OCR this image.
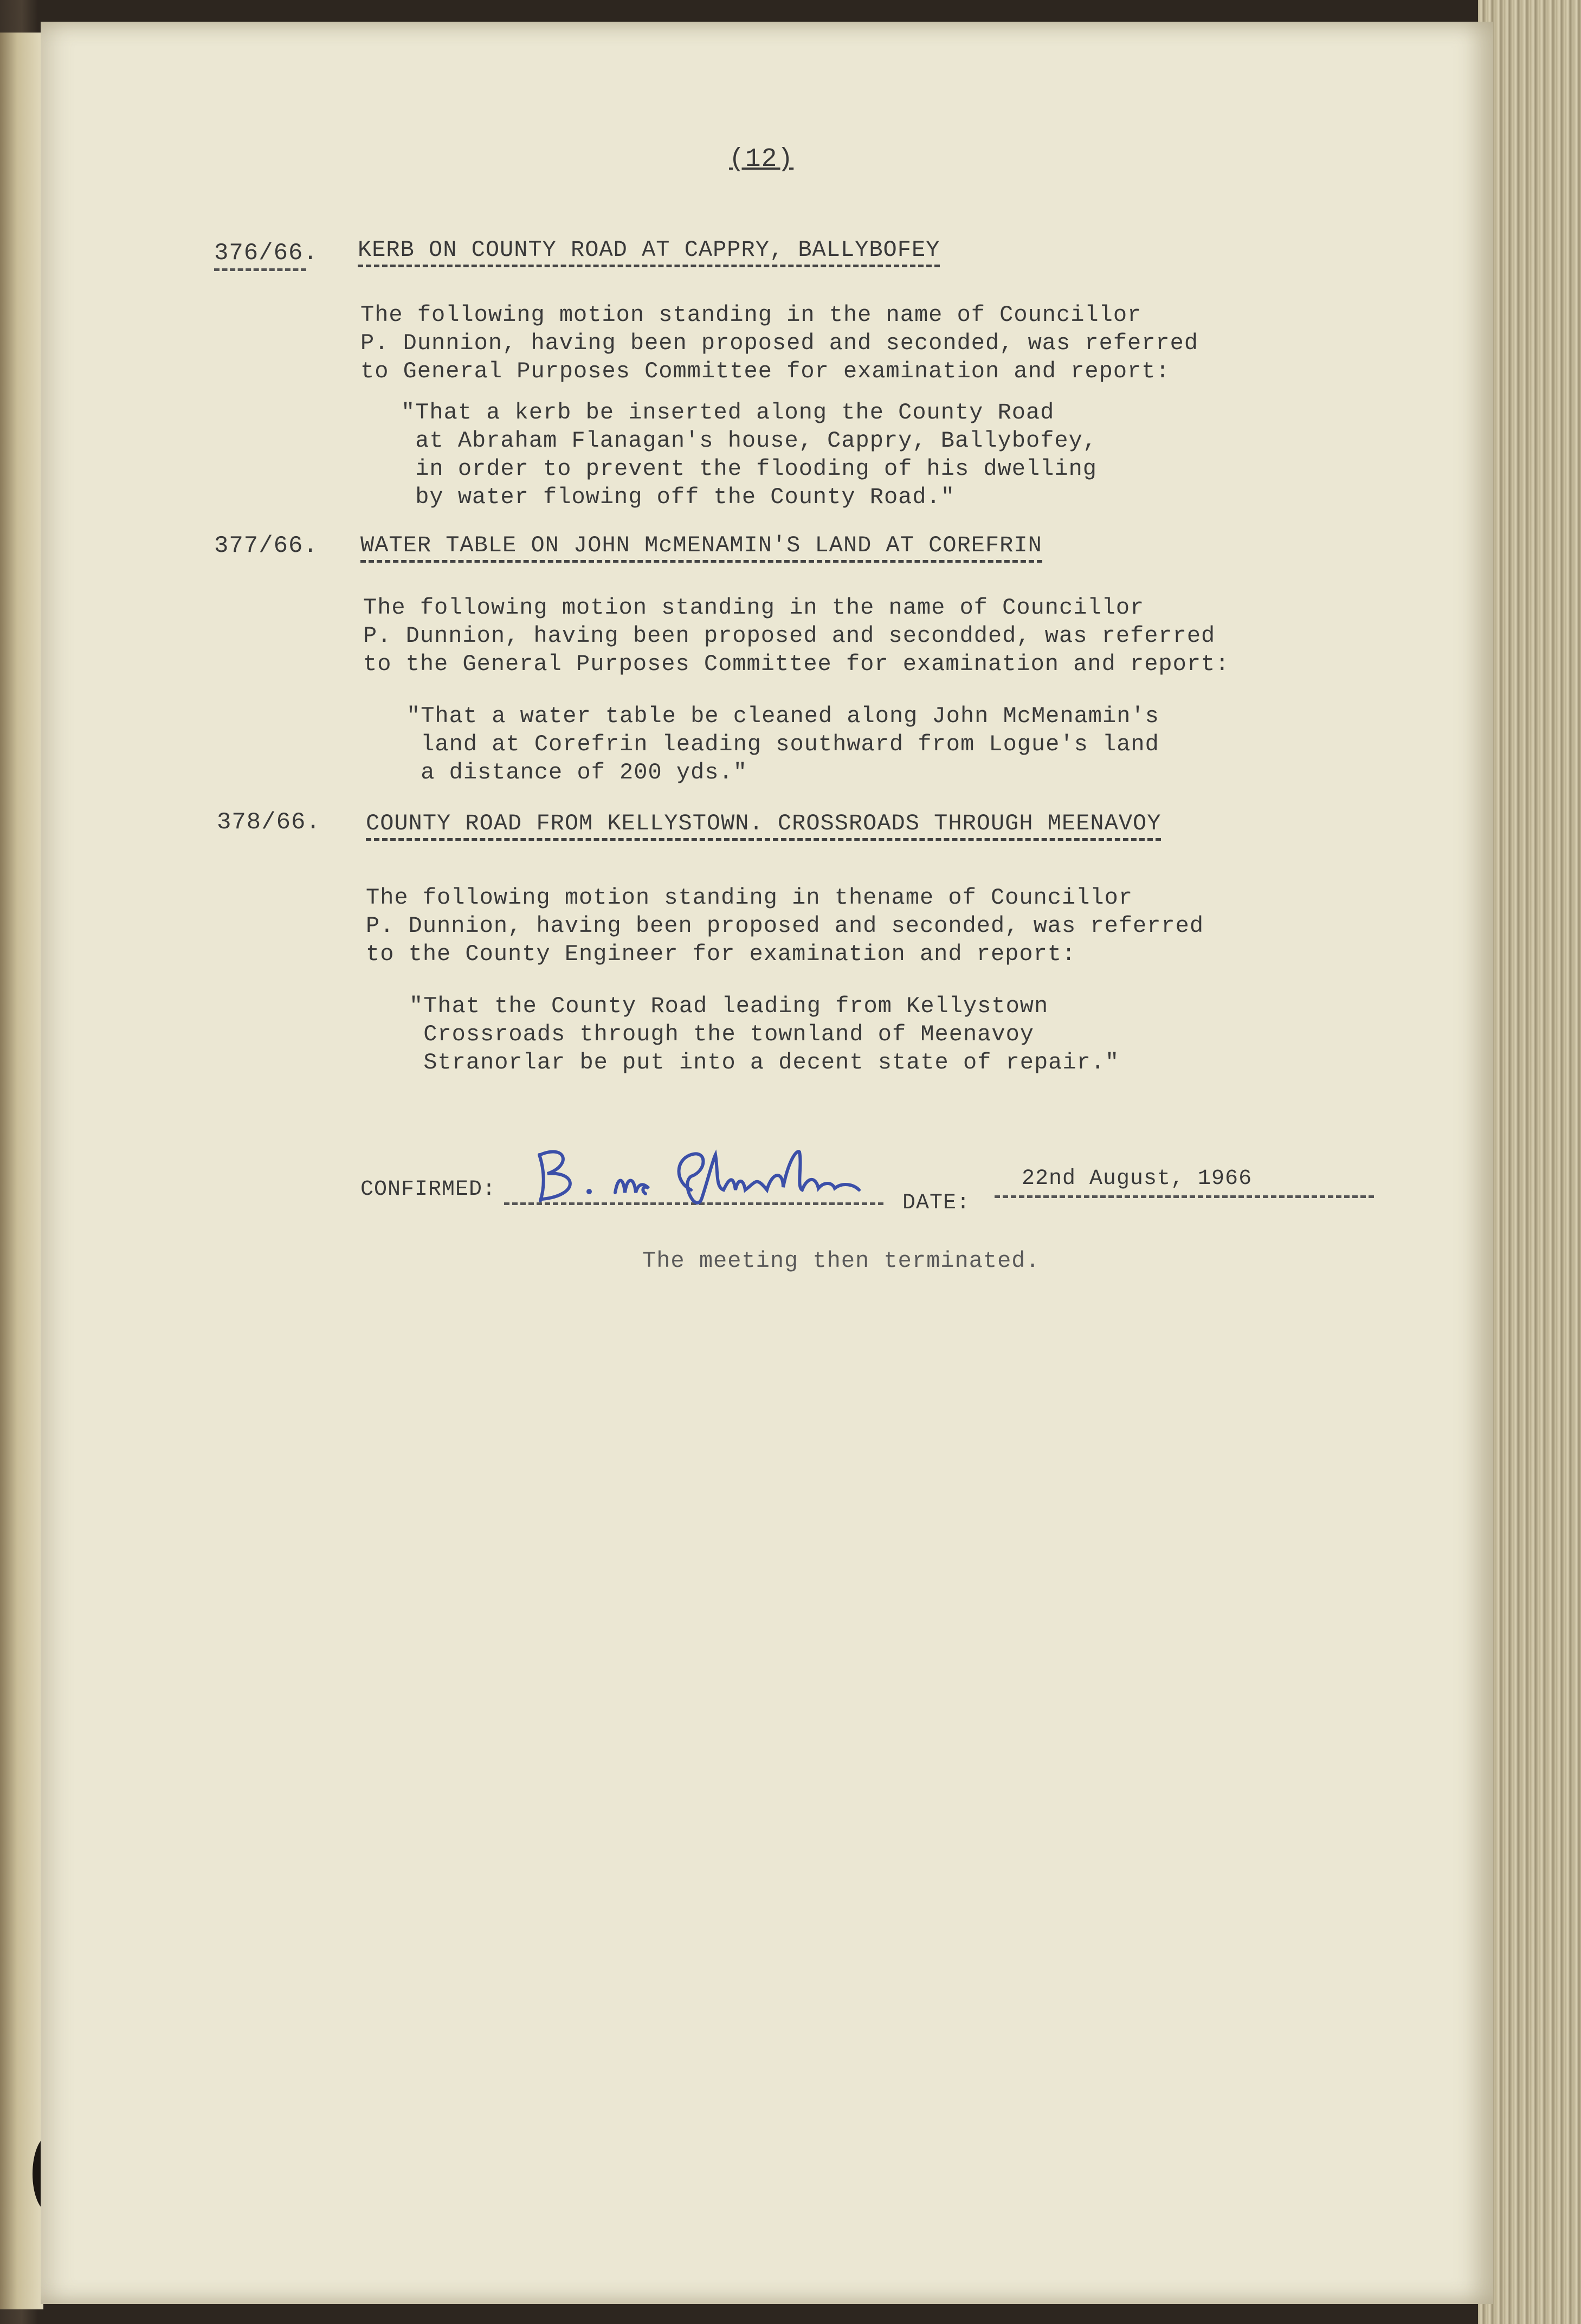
(12)
376/66. KERB ON COUNTY ROAD AT CAPPRY, BALLYBOFEY
The following motion standing in the name of Councillor
P. Dunnion, having been proposed and seconded, was referred
to General Purposes Committee for examination and report:
"That a kerb be inserted along the County Road
at Abraham Flanagan's house, Cappry, Ballybofey,
in order to prevent the flooding of his dwelling
by water flowing off the County Road."
377/66. WATER TABLE ON JOHN McMENAMIN'S LAND AT COREFRIN
The following motion standing in the name of Councillor
P. Dunnion, having been proposed and secondded, was referred
to the General Purposes Committee for examination and report:
"That a water table be cleaned along John McMenamin's
land at Corefrin leading southward from Logue's land
a distance of 200 yds."
378/66. COUNTY ROAD FROM KELLYSTOWN. CROSSROADS THROUGH MEENAVOY
The following motion standing in thename of Councillor
P. Dunnion, having been proposed and seconded, was referred
to the County Engineer for examination and report:
"That the County Road leading from Kellystown
Crossroads through the townland of Meenavoy
Stranorlar be put into a decent state of repair."
CONFIRMED:
DATE:
22nd August, 1966
The meeting then terminated.
